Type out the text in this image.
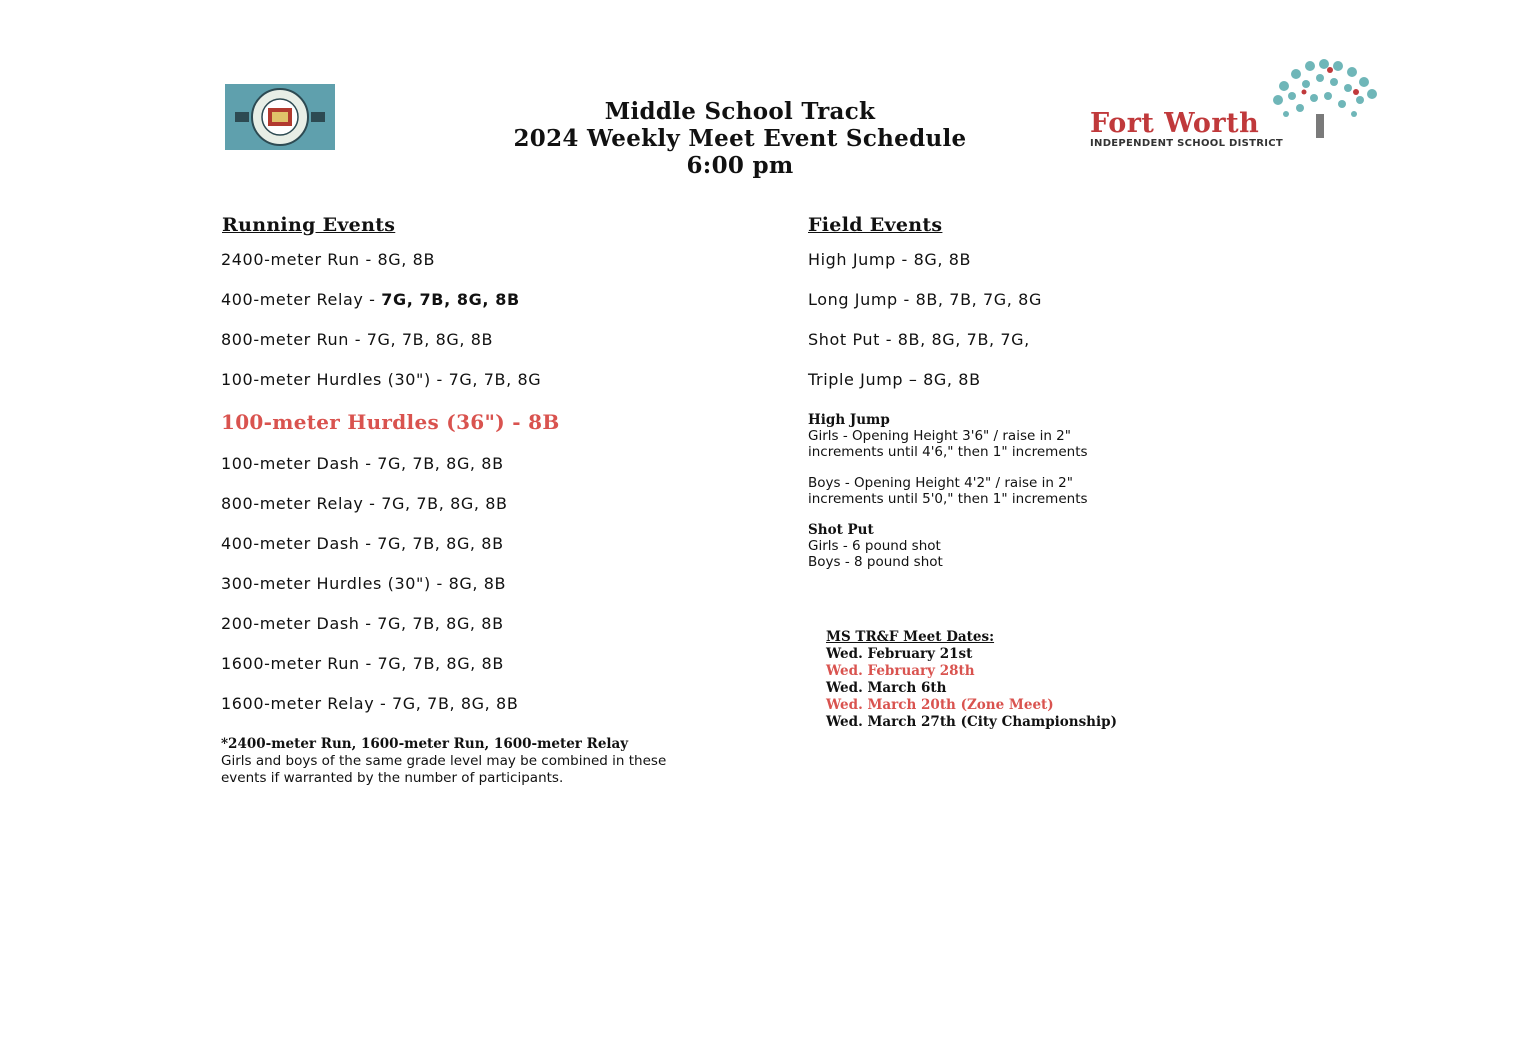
Middle School Track
2024 Weekly Meet Event Schedule
6:00 pm
Fort Worth
INDEPENDENT SCHOOL DISTRICT
Running Events
2400-meter Run - 8G, 8B
400-meter Relay - 7G, 7B, 8G, 8B
800-meter Run - 7G, 7B, 8G, 8B
100-meter Hurdles (30") - 7G, 7B, 8G
100-meter Hurdles (36") - 8B
100-meter Dash - 7G, 7B, 8G, 8B
800-meter Relay - 7G, 7B, 8G, 8B
400-meter Dash - 7G, 7B, 8G, 8B
300-meter Hurdles (30") - 8G, 8B
200-meter Dash - 7G, 7B, 8G, 8B
1600-meter Run - 7G, 7B, 8G, 8B
1600-meter Relay - 7G, 7B, 8G, 8B
*2400-meter Run, 1600-meter Run, 1600-meter Relay
Girls and boys of the same grade level may be combined in these events if warranted by the number of participants.
Field Events
High Jump - 8G, 8B
Long Jump - 8B, 7B, 7G, 8G
Shot Put - 8B, 8G, 7B, 7G,
Triple Jump – 8G, 8B
High Jump
Girls - Opening Height 3'6" / raise in 2"
increments until 4'6," then 1" increments
Boys - Opening Height 4'2" / raise in 2"
increments until 5'0," then 1" increments
Shot Put
Girls - 6 pound shot
Boys - 8 pound shot
MS TR&F Meet Dates:
Wed. February 21st
Wed. February 28th
Wed. March 6th
Wed. March 20th (Zone Meet)
Wed. March 27th (City Championship)
